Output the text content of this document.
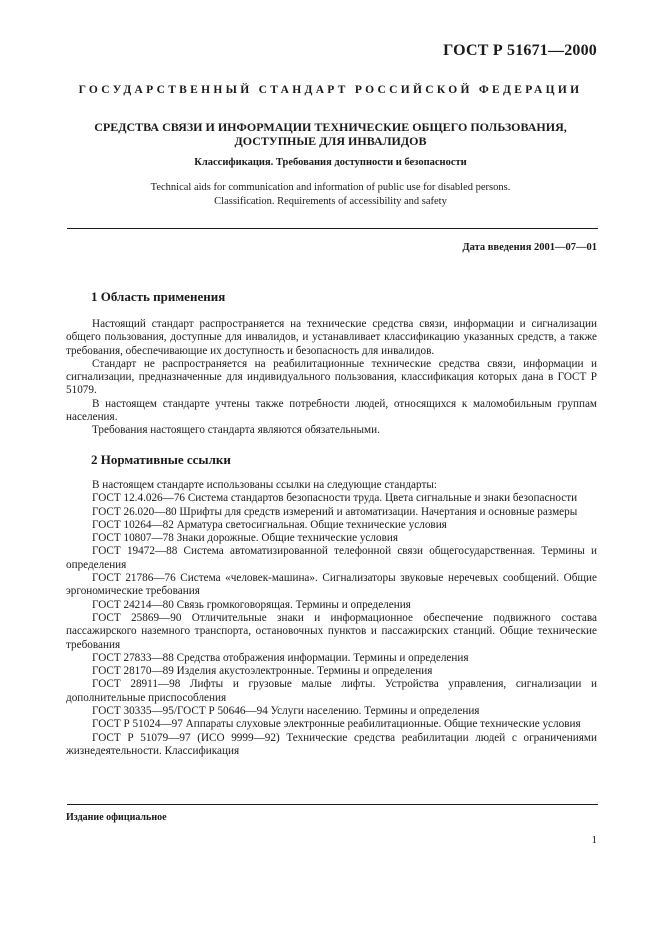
ГОСТ Р 51671—2000
ГОСУДАРСТВЕННЫЙ СТАНДАРТ РОССИЙСКОЙ ФЕДЕРАЦИИ
СРЕДСТВА СВЯЗИ И ИНФОРМАЦИИ ТЕХНИЧЕСКИЕ ОБЩЕГО ПОЛЬЗОВАНИЯ,
ДОСТУПНЫЕ ДЛЯ ИНВАЛИДОВ
Классификация. Требования доступности и безопасности
Technical aids for communication and information of public use for disabled persons.
Classification. Requirements of accessibility and safety
Дата введения 2001—07—01
1 Область применения

Настоящий стандарт распространяется на технические средства связи, информации и сигнализации общего пользования, доступные для инвалидов, и устанавливает классификацию указанных средств, а также требования, обеспечивающие их доступность и безопасность для инвалидов.

Стандарт не распространяется на реабилитационные технические средства связи, информации и сигнализации, предназначенные для индивидуального пользования, классификация которых дана в ГОСТ Р 51079.

В настоящем стандарте учтены также потребности людей, относящихся к маломобильным группам населения.

Требования настоящего стандарта являются обязательными.

2 Нормативные ссылки

В настоящем стандарте использованы ссылки на следующие стандарты:

ГОСТ 12.4.026—76 Система стандартов безопасности труда. Цвета сигнальные и знаки безопасности

ГОСТ 26.020—80 Шрифты для средств измерений и автоматизации. Начертания и основные размеры

ГОСТ 10264—82 Арматура светосигнальная. Общие технические условия

ГОСТ 10807—78 Знаки дорожные. Общие технические условия

ГОСТ 19472—88 Система автоматизированной телефонной связи общегосударственная. Термины и определения

ГОСТ 21786—76 Система «человек-машина». Сигнализаторы звуковые неречевых сообщений. Общие эргономические требования

ГОСТ 24214—80 Связь громкоговорящая. Термины и определения

ГОСТ 25869—90 Отличительные знаки и информационное обеспечение подвижного состава пассажирского наземного транспорта, остановочных пунктов и пассажирских станций. Общие технические требования

ГОСТ 27833—88 Средства отображения информации. Термины и определения

ГОСТ 28170—89 Изделия акустоэлектронные. Термины и определения

ГОСТ 28911—98 Лифты и грузовые малые лифты. Устройства управления, сигнализации и дополнительные приспособления

ГОСТ 30335—95/ГОСТ Р 50646—94 Услуги населению. Термины и определения

ГОСТ Р 51024—97 Аппараты слуховые электронные реабилитационные. Общие технические условия

ГОСТ Р 51079—97 (ИСО 9999—92) Технические средства реабилитации людей с ограничениями жизнедеятельности. Классификация

Издание официальное
1
